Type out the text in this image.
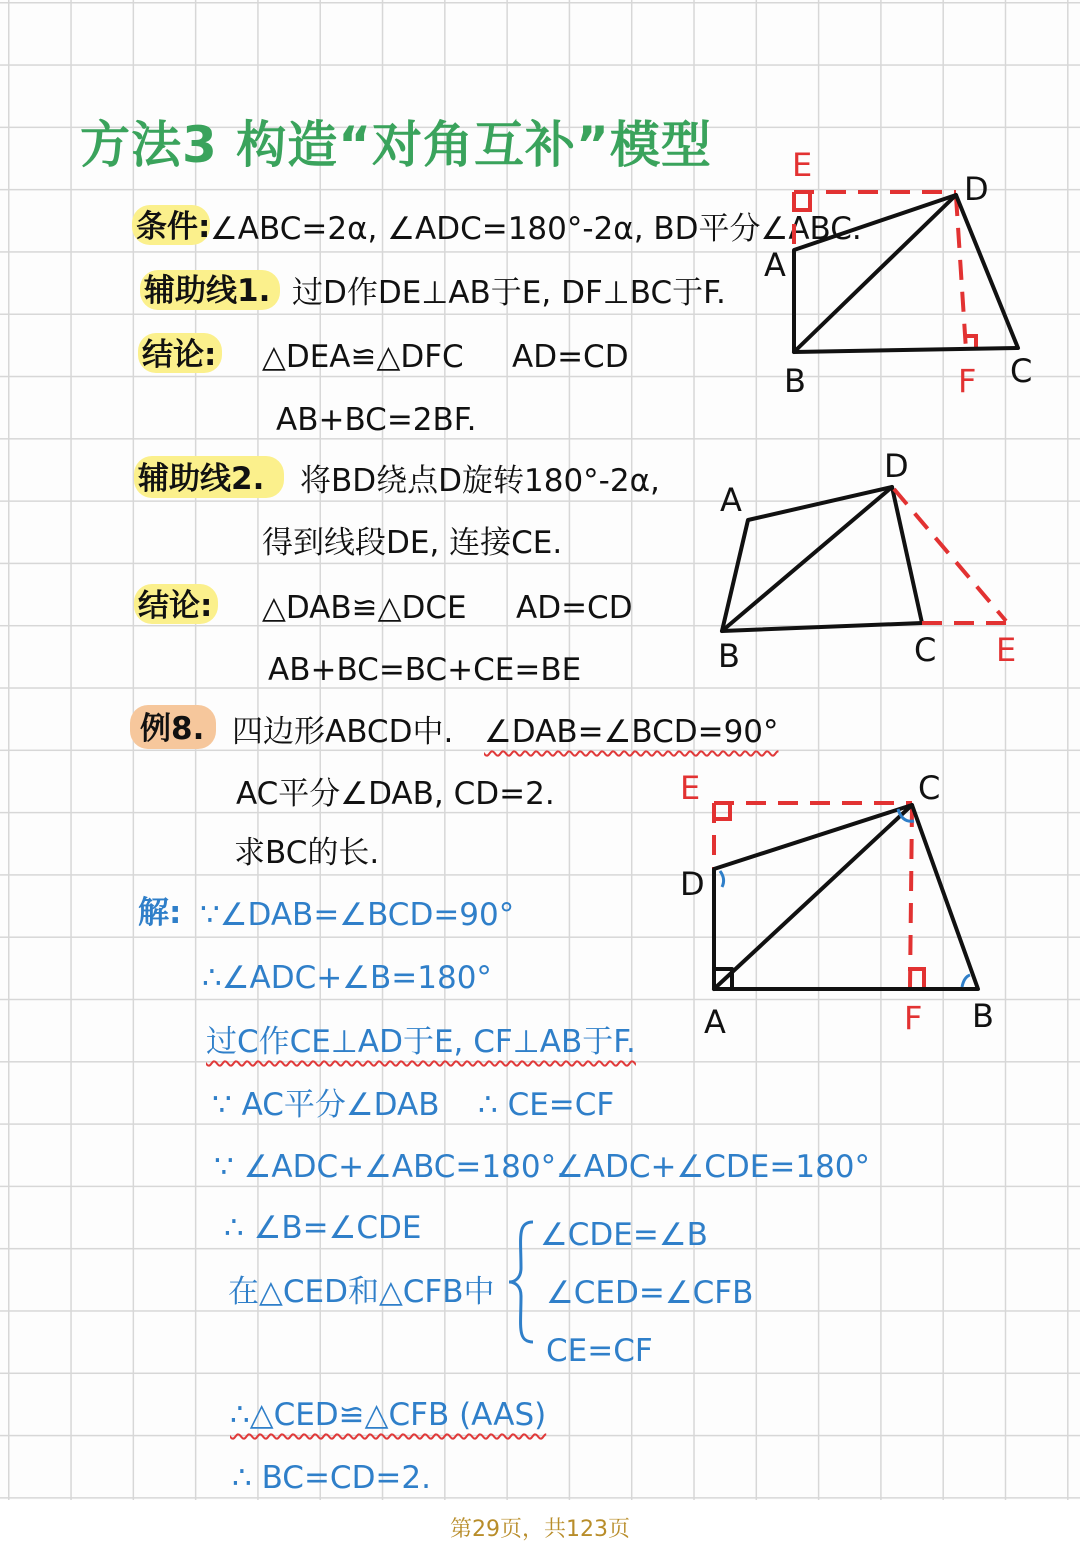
方法3 构造“对角互补”模型
条件: ∠ABC=2α, ∠ADC=180°-2α, BD平分∠ABC.
辅助线1. 过D作DE⊥AB于E, DF⊥BC于F.
结论: △DEA≌△DFC AD=CD
AB+BC=2BF.
辅助线2. 将BD绕点D旋转180°-2α,
得到线段DE, 连接CE.
结论: △DAB≌△DCE AD=CD
AB+BC=BC+CE=BE
例8. 四边形ABCD中. ∠DAB=∠BCD=90°
AC平分∠DAB, CD=2.
求BC的长.
解: ∵∠DAB=∠BCD=90°
∴∠ADC+∠B=180°
过C作CE⊥AD于E, CF⊥AB于F.
∵ AC平分∠DAB ∴ CE=CF
∵ ∠ADC+∠ABC=180°.
∠ADC+∠CDE=180°
∴ ∠B=∠CDE
在△CED和△CFB中
∠CDE=∠B
∠CED=∠CFB
CE=CF
∴△CED≌△CFB (AAS)
∴ BC=CD=2.
E
D
A
B	F C
D
A
B	C E
E	C
D
A	F B
第29页，共123页
